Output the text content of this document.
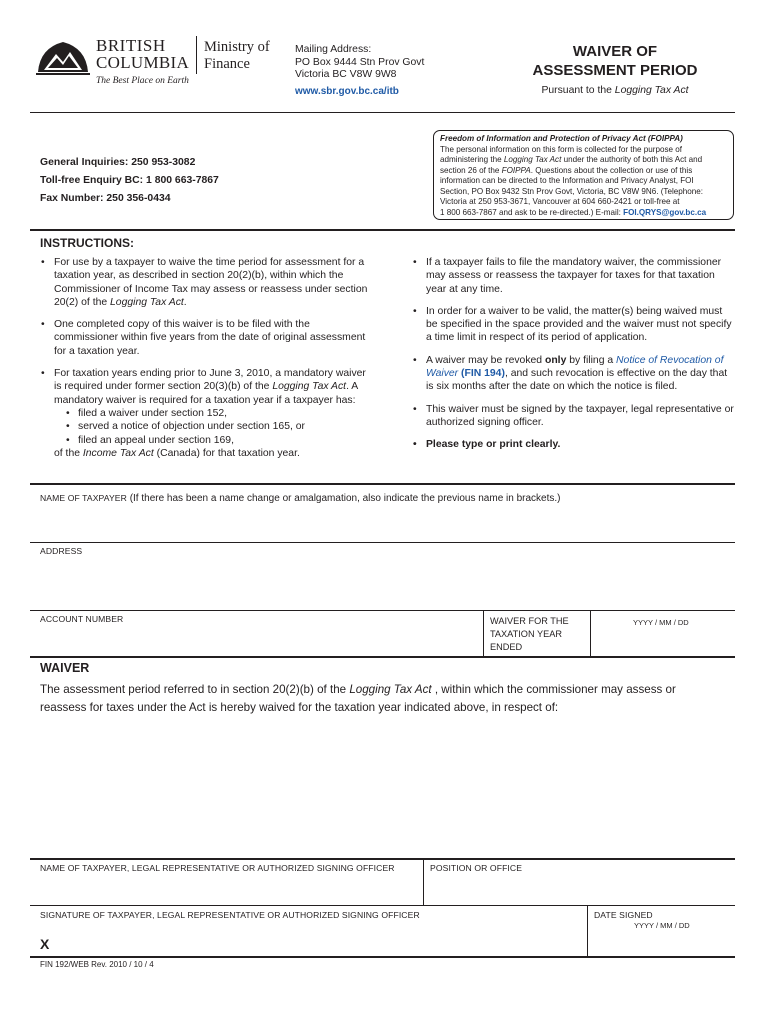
BRITISH
COLUMBIA
The Best Place on Earth
Ministry of
Finance
Mailing Address:
PO Box 9444 Stn Prov Govt
Victoria BC V8W 9W8
www.sbr.gov.bc.ca/itb
WAIVER OF
ASSESSMENT PERIOD
Pursuant to the Logging Tax Act
General Inquiries: 250 953-3082
Toll-free Enquiry BC: 1 800 663-7867
Fax Number: 250 356-0434
Freedom of Information and Protection of Privacy Act (FOIPPA)
The personal information on this form is collected for the purpose of
administering the Logging Tax Act under the authority of both this Act and
section 26 of the FOIPPA. Questions about the collection or use of this
information can be directed to the Information and Privacy Analyst, FOI
Section, PO Box 9432 Stn Prov Govt, Victoria, BC V8W 9N6. (Telephone:
Victoria at 250 953-3671, Vancouver at 604 660-2421 or toll-free at
1 800 663-7867 and ask to be re-directed.) E-mail: FOI.QRYS@gov.bc.ca
INSTRUCTIONS:
• For use by a taxpayer to waive the time period for assessment for a taxation year, as described in section 20(2)(b), within which the Commissioner of Income Tax may assess or reassess under section 20(2) of the Logging Tax Act.
• One completed copy of this waiver is to be filed with the commissioner within five years from the date of original assessment for a taxation year.
• For taxation years ending prior to June 3, 2010, a mandatory waiver is required under former section 20(3)(b) of the Logging Tax Act. A mandatory waiver is required for a taxation year if a taxpayer has:
• filed a waiver under section 152,
• served a notice of objection under section 165, or
• filed an appeal under section 169,
of the Income Tax Act (Canada) for that taxation year.
• If a taxpayer fails to file the mandatory waiver, the commissioner may assess or reassess the taxpayer for taxes for that taxation year at any time.
• In order for a waiver to be valid, the matter(s) being waived must be specified in the space provided and the waiver must not specify a time limit in respect of its period of application.
• A waiver may be revoked only by filing a Notice of Revocation of Waiver (FIN 194), and such revocation is effective on the day that is six months after the date on which the notice is filed.
• This waiver must be signed by the taxpayer, legal representative or authorized signing officer.
• Please type or print clearly.
NAME OF TAXPAYER (If there has been a name change or amalgamation, also indicate the previous name in brackets.)
ADDRESS
ACCOUNT NUMBER	WAIVER FOR THE
TAXATION YEAR
ENDED
YYYY / MM / DD
WAIVER
The assessment period referred to in section 20(2)(b) of the Logging Tax Act , within which the commissioner may assess or
reassess for taxes under the Act is hereby waived for the taxation year indicated above, in respect of:
NAME OF TAXPAYER, LEGAL REPRESENTATIVE OR AUTHORIZED SIGNING OFFICER	POSITION OR OFFICE
SIGNATURE OF TAXPAYER, LEGAL REPRESENTATIVE OR AUTHORIZED SIGNING OFFICER
X
DATE SIGNED
YYYY / MM / DD
FIN 192/WEB Rev. 2010 / 10 / 4
